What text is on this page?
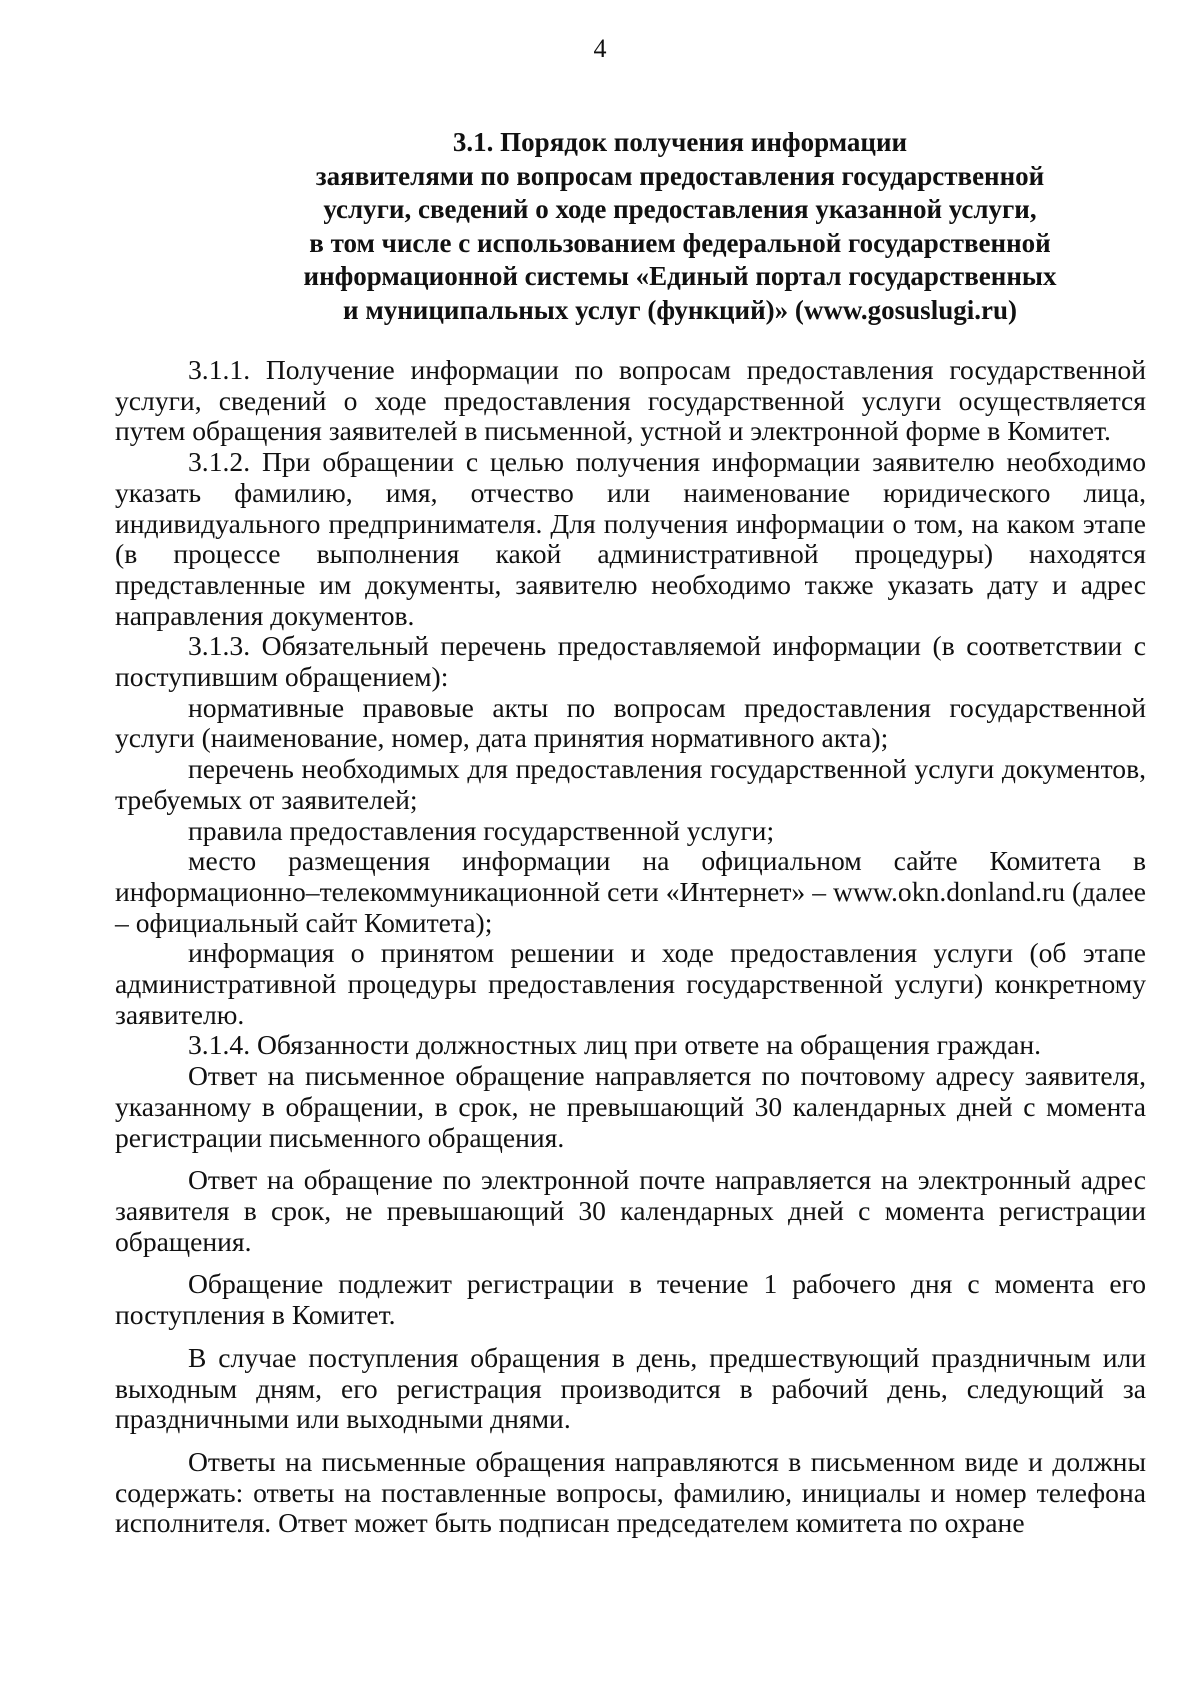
4
3.1. Порядок получения информации
заявителями по вопросам предоставления государственной
услуги, сведений о ходе предоставления указанной услуги,
в том числе с использованием федеральной государственной
информационной системы «Единый портал государственных
и муниципальных услуг (функций)» (www.gosuslugi.ru)

3.1.1. Получение информации по вопросам предоставления государственной услуги, сведений о ходе предоставления государственной услуги осуществляется путем обращения заявителей в письменной, устной и электронной форме в Комитет.

3.1.2. При обращении с целью получения информации заявителю необходимо указать фамилию, имя, отчество или наименование юридического лица, индивидуального предпринимателя. Для получения информации о том, на каком этапе (в процессе выполнения какой административной процедуры) находятся представленные им документы, заявителю необходимо также указать дату и адрес направления документов.

3.1.3. Обязательный перечень предоставляемой информации (в соответствии с поступившим обращением):

нормативные правовые акты по вопросам предоставления государственной услуги (наименование, номер, дата принятия нормативного акта);

перечень необходимых для предоставления государственной услуги документов, требуемых от заявителей;

правила предоставления государственной услуги;

место размещения информации на официальном сайте Комитета в информационно–телекоммуникационной сети «Интернет» – www.okn.donland.ru (далее – официальный сайт Комитета);

информация о принятом решении и ходе предоставления услуги (об этапе административной процедуры предоставления государственной услуги) конкретному заявителю.

3.1.4. Обязанности должностных лиц при ответе на обращения граждан.

Ответ на письменное обращение направляется по почтовому адресу заявителя, указанному в обращении, в срок, не превышающий 30 календарных дней с момента регистрации письменного обращения.

Ответ на обращение по электронной почте направляется на электронный адрес заявителя в срок, не превышающий 30 календарных дней с момента регистрации обращения.

Обращение подлежит регистрации в течение 1 рабочего дня с момента его поступления в Комитет.

В случае поступления обращения в день, предшествующий праздничным или выходным дням, его регистрация производится в рабочий день, следующий за праздничными или выходными днями.

Ответы на письменные обращения направляются в письменном виде и должны содержать: ответы на поставленные вопросы, фамилию, инициалы и номер телефона исполнителя. Ответ может быть подписан председателем комитета по охране
